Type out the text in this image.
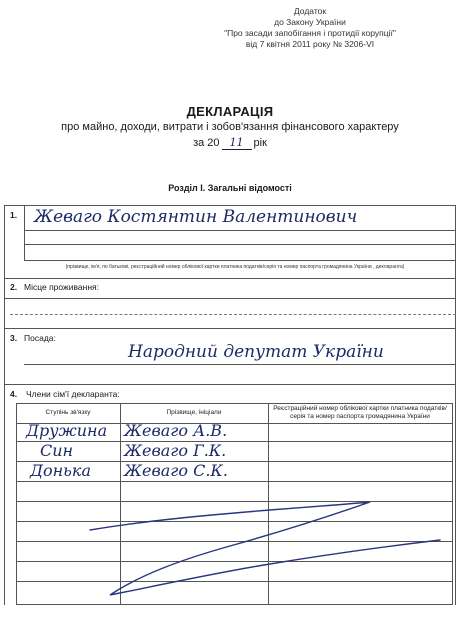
Додаток
до Закону України
"Про засади запобігання і протидії корупції"
від 7 квітня 2011 року № 3206-VI
ДЕКЛАРАЦІЯ
про майно, доходи, витрати і зобов'язання фінансового характеру
за 20 11 рік
Розділ I. Загальні відомості
1. Жеваго Костянтин Валентинович
(прізвище, ім'я, по батькові, реєстраційний номер облікової картки платника податків/серія та номер паспорта громадянина України , декларанта)
2. Місце проживання:
3. Посада:
Народний депутат України
4. Члени сім'ї декларанта:
Ступінь зв'язку	Прізвище, ініціали
Реєстраційний номер облікової картки платника податків/ серія та номер паспорта громадянина України
Дружина Жеваго А.В.
Син	Жеваго Г.К.
Донька Жеваго С.К.
